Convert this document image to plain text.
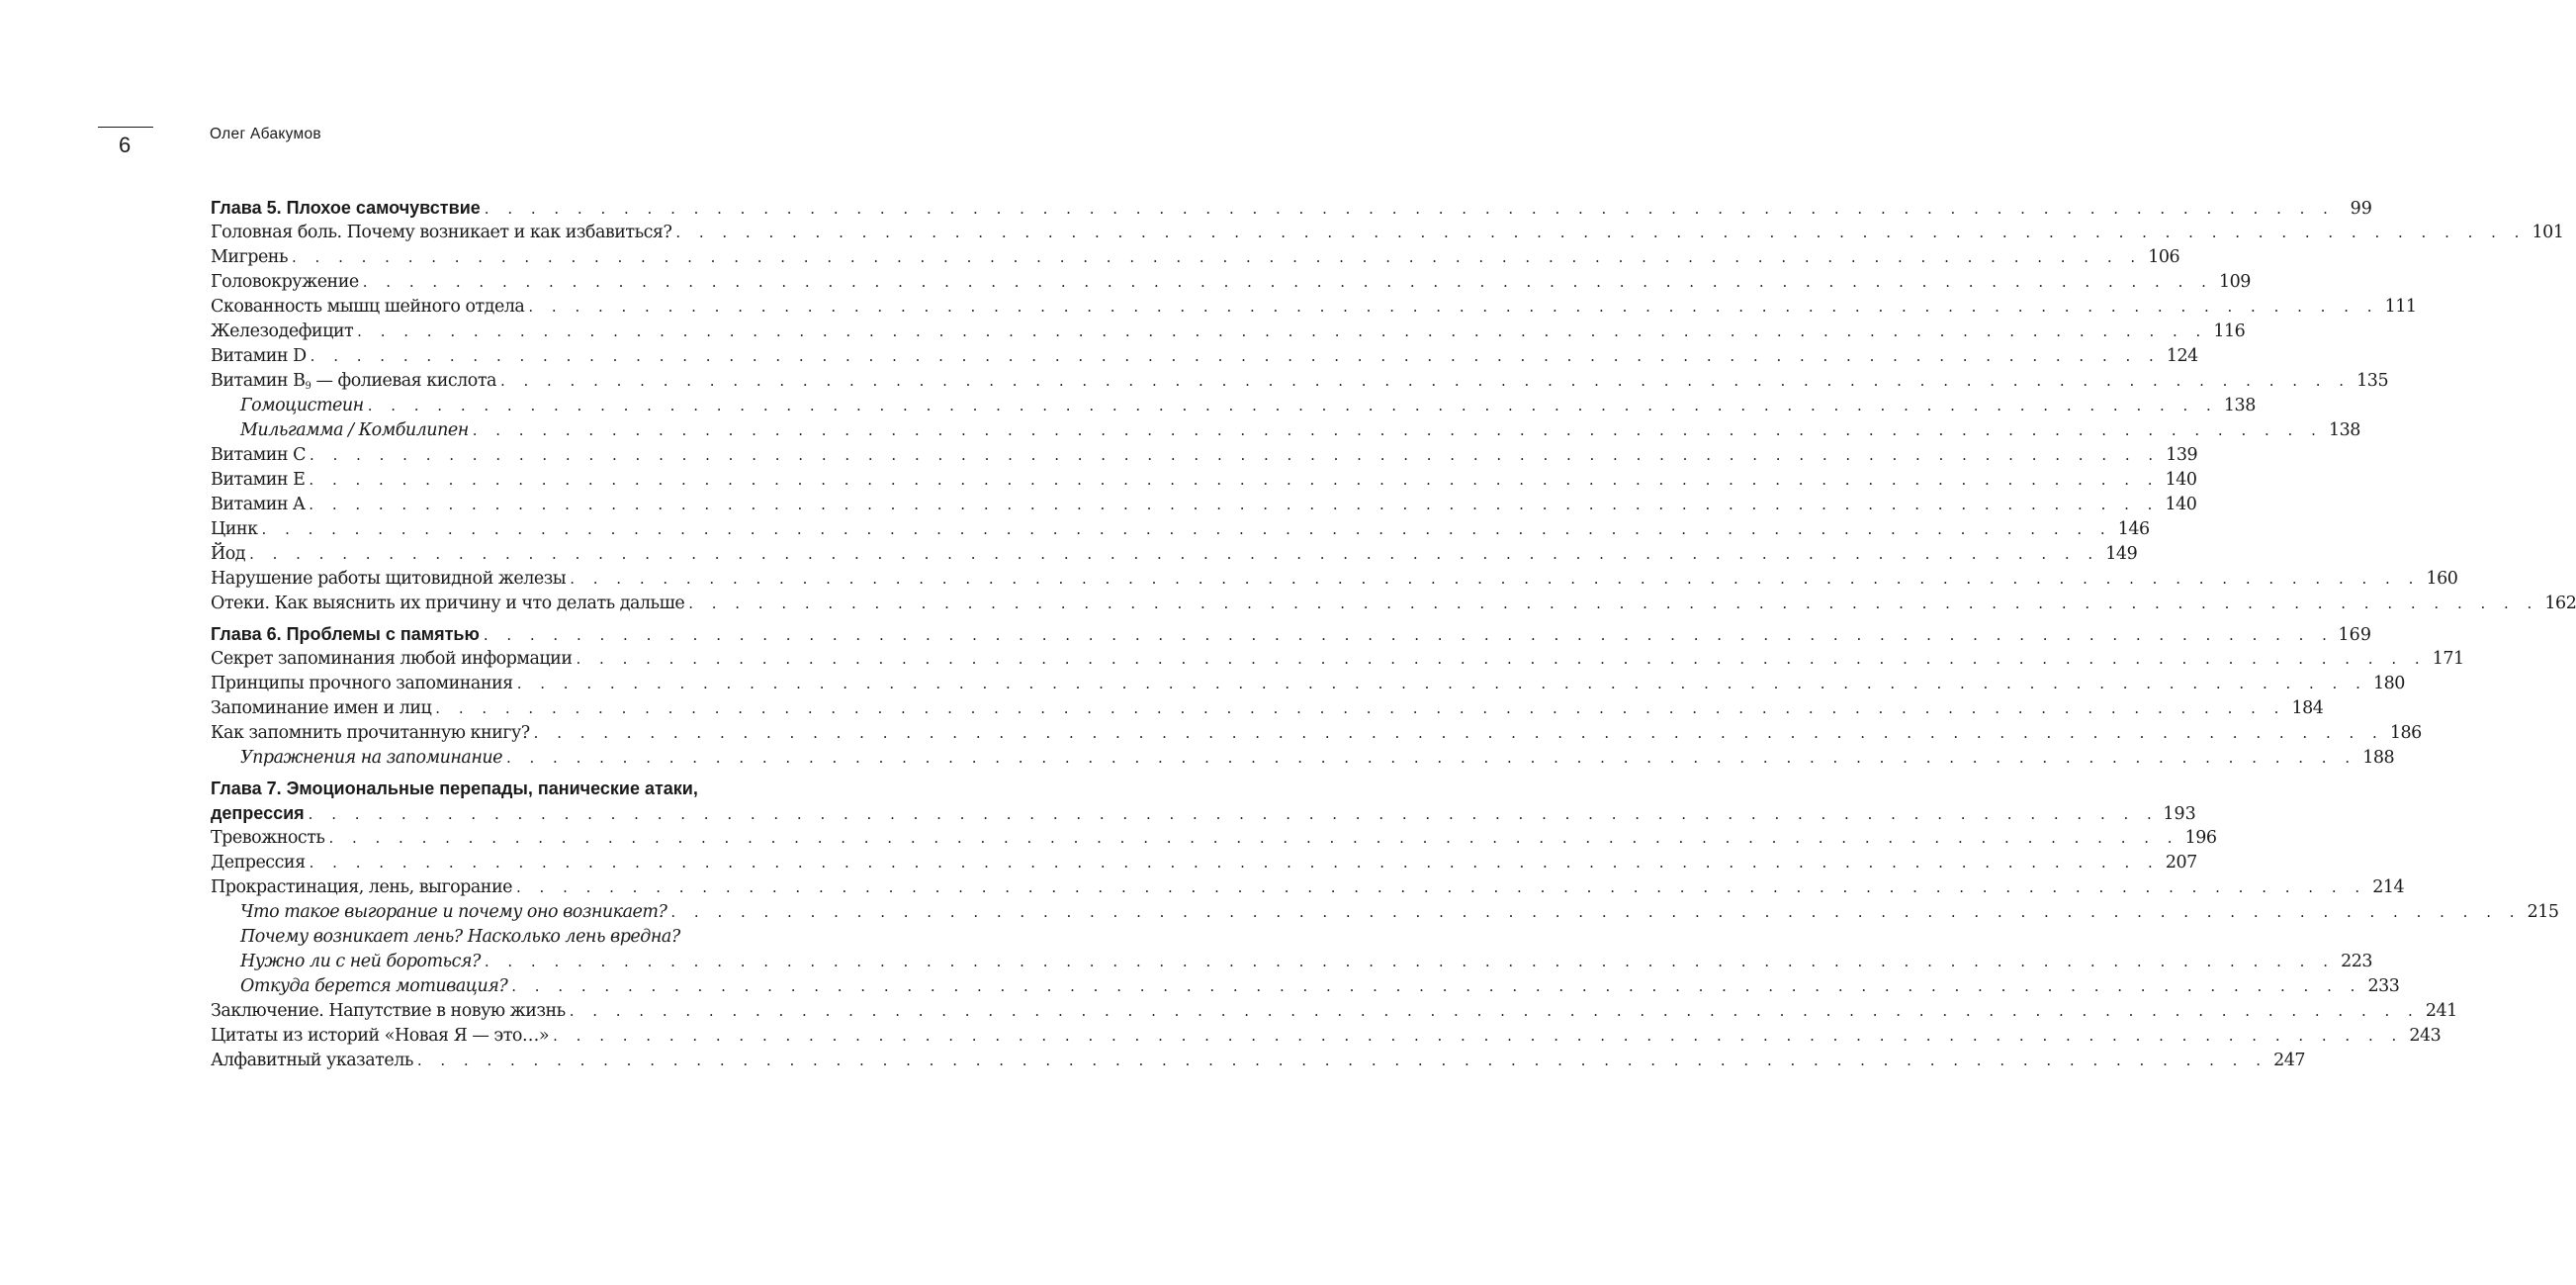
6	Олег Абакумов
Глава 5. Плохое самочувствие . . . . . . . . . . . . . . . . . . . . . . . . . . . . . . . . . . . . . . . . . . . . . . . . . . . . . . . . . . . . . . . . . . . . . . . . . . . . . . . . 99
Головная боль. Почему возникает и как избавиться? . . . . . . . . . . . . . . . . . . . . . . . . . . . . . . . . . . . . . . . . . . . . . . . . . . . . . . . . . . . . . . . . . . . . . . . . . . . . . . . . 101
Мигрень . . . . . . . . . . . . . . . . . . . . . . . . . . . . . . . . . . . . . . . . . . . . . . . . . . . . . . . . . . . . . . . . . . . . . . . . . . . . . . . . 106
Головокружение . . . . . . . . . . . . . . . . . . . . . . . . . . . . . . . . . . . . . . . . . . . . . . . . . . . . . . . . . . . . . . . . . . . . . . . . . . . . . . . . 109
Скованность мышц шейного отдела . . . . . . . . . . . . . . . . . . . . . . . . . . . . . . . . . . . . . . . . . . . . . . . . . . . . . . . . . . . . . . . . . . . . . . . . . . . . . . . . 111
Железодефицит . . . . . . . . . . . . . . . . . . . . . . . . . . . . . . . . . . . . . . . . . . . . . . . . . . . . . . . . . . . . . . . . . . . . . . . . . . . . . . . . 116
Витамин D . . . . . . . . . . . . . . . . . . . . . . . . . . . . . . . . . . . . . . . . . . . . . . . . . . . . . . . . . . . . . . . . . . . . . . . . . . . . . . . . 124
Витамин $B_9$ — фолиевая кислота . . . . . . . . . . . . . . . . . . . . . . . . . . . . . . . . . . . . . . . . . . . . . . . . . . . . . . . . . . . . . . . . . . . . . . . . . . . . . . . . 135
Гомоцистеин . . . . . . . . . . . . . . . . . . . . . . . . . . . . . . . . . . . . . . . . . . . . . . . . . . . . . . . . . . . . . . . . . . . . . . . . . . . . . . . . 138
Мильгамма / Комбилипен . . . . . . . . . . . . . . . . . . . . . . . . . . . . . . . . . . . . . . . . . . . . . . . . . . . . . . . . . . . . . . . . . . . . . . . . . . . . . . . . 138
Витамин C . . . . . . . . . . . . . . . . . . . . . . . . . . . . . . . . . . . . . . . . . . . . . . . . . . . . . . . . . . . . . . . . . . . . . . . . . . . . . . . . 139
Витамин E . . . . . . . . . . . . . . . . . . . . . . . . . . . . . . . . . . . . . . . . . . . . . . . . . . . . . . . . . . . . . . . . . . . . . . . . . . . . . . . . 140
Витамин A . . . . . . . . . . . . . . . . . . . . . . . . . . . . . . . . . . . . . . . . . . . . . . . . . . . . . . . . . . . . . . . . . . . . . . . . . . . . . . . . 140
Цинк . . . . . . . . . . . . . . . . . . . . . . . . . . . . . . . . . . . . . . . . . . . . . . . . . . . . . . . . . . . . . . . . . . . . . . . . . . . . . . . . 146
Йод . . . . . . . . . . . . . . . . . . . . . . . . . . . . . . . . . . . . . . . . . . . . . . . . . . . . . . . . . . . . . . . . . . . . . . . . . . . . . . . . 149
Нарушение работы щитовидной железы . . . . . . . . . . . . . . . . . . . . . . . . . . . . . . . . . . . . . . . . . . . . . . . . . . . . . . . . . . . . . . . . . . . . . . . . . . . . . . . . 160
Отеки. Как выяснить их причину и что делать дальше . . . . . . . . . . . . . . . . . . . . . . . . . . . . . . . . . . . . . . . . . . . . . . . . . . . . . . . . . . . . . . . . . . . . . . . . . . . . . . . . 162
Глава 6. Проблемы с памятью . . . . . . . . . . . . . . . . . . . . . . . . . . . . . . . . . . . . . . . . . . . . . . . . . . . . . . . . . . . . . . . . . . . . . . . . . . . . . . . . 169
Секрет запоминания любой информации . . . . . . . . . . . . . . . . . . . . . . . . . . . . . . . . . . . . . . . . . . . . . . . . . . . . . . . . . . . . . . . . . . . . . . . . . . . . . . . . 171
Принципы прочного запоминания . . . . . . . . . . . . . . . . . . . . . . . . . . . . . . . . . . . . . . . . . . . . . . . . . . . . . . . . . . . . . . . . . . . . . . . . . . . . . . . . 180
Запоминание имен и лиц . . . . . . . . . . . . . . . . . . . . . . . . . . . . . . . . . . . . . . . . . . . . . . . . . . . . . . . . . . . . . . . . . . . . . . . . . . . . . . . . 184
Как запомнить прочитанную книгу? . . . . . . . . . . . . . . . . . . . . . . . . . . . . . . . . . . . . . . . . . . . . . . . . . . . . . . . . . . . . . . . . . . . . . . . . . . . . . . . . 186
Упражнения на запоминание . . . . . . . . . . . . . . . . . . . . . . . . . . . . . . . . . . . . . . . . . . . . . . . . . . . . . . . . . . . . . . . . . . . . . . . . . . . . . . . . 188
Глава 7. Эмоциональные перепады, панические атаки,
депрессия . . . . . . . . . . . . . . . . . . . . . . . . . . . . . . . . . . . . . . . . . . . . . . . . . . . . . . . . . . . . . . . . . . . . . . . . . . . . . . . . 193
Тревожность . . . . . . . . . . . . . . . . . . . . . . . . . . . . . . . . . . . . . . . . . . . . . . . . . . . . . . . . . . . . . . . . . . . . . . . . . . . . . . . . 196
Депрессия . . . . . . . . . . . . . . . . . . . . . . . . . . . . . . . . . . . . . . . . . . . . . . . . . . . . . . . . . . . . . . . . . . . . . . . . . . . . . . . . 207
Прокрастинация, лень, выгорание . . . . . . . . . . . . . . . . . . . . . . . . . . . . . . . . . . . . . . . . . . . . . . . . . . . . . . . . . . . . . . . . . . . . . . . . . . . . . . . . 214
Что такое выгорание и почему оно возникает? . . . . . . . . . . . . . . . . . . . . . . . . . . . . . . . . . . . . . . . . . . . . . . . . . . . . . . . . . . . . . . . . . . . . . . . . . . . . . . . . 215
Почему возникает лень? Насколько лень вредна?
Нужно ли с ней бороться? . . . . . . . . . . . . . . . . . . . . . . . . . . . . . . . . . . . . . . . . . . . . . . . . . . . . . . . . . . . . . . . . . . . . . . . . . . . . . . . . 223
Откуда берется мотивация? . . . . . . . . . . . . . . . . . . . . . . . . . . . . . . . . . . . . . . . . . . . . . . . . . . . . . . . . . . . . . . . . . . . . . . . . . . . . . . . . 233
Заключение. Напутствие в новую жизнь . . . . . . . . . . . . . . . . . . . . . . . . . . . . . . . . . . . . . . . . . . . . . . . . . . . . . . . . . . . . . . . . . . . . . . . . . . . . . . . . 241
Цитаты из историй «Новая Я — это…» . . . . . . . . . . . . . . . . . . . . . . . . . . . . . . . . . . . . . . . . . . . . . . . . . . . . . . . . . . . . . . . . . . . . . . . . . . . . . . . . 243
Алфавитный указатель . . . . . . . . . . . . . . . . . . . . . . . . . . . . . . . . . . . . . . . . . . . . . . . . . . . . . . . . . . . . . . . . . . . . . . . . . . . . . . . . 247
